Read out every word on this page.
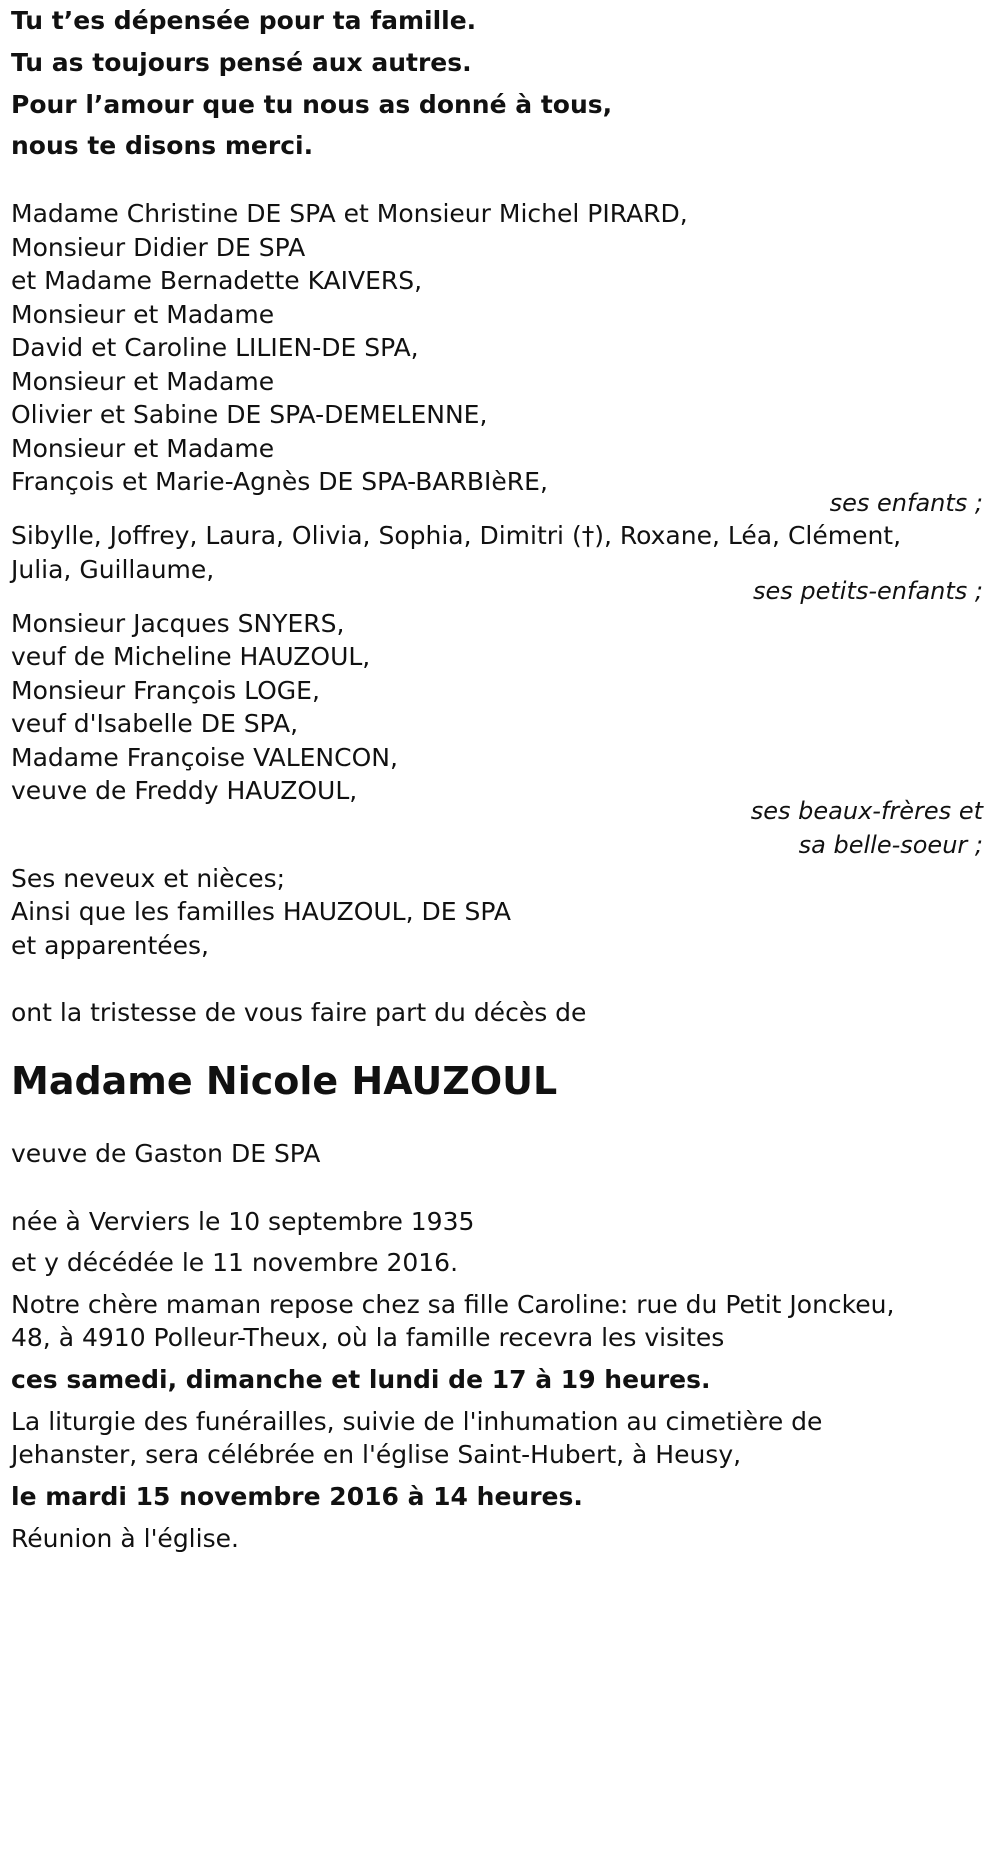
Tu t’es dépensée pour ta famille.
Tu as toujours pensé aux autres.
Pour l’amour que tu nous as donné à tous,
nous te disons merci.
Madame Christine DE SPA et Monsieur Michel PIRARD,
Monsieur Didier DE SPA
et Madame Bernadette KAIVERS,
Monsieur et Madame
David et Caroline LILIEN-DE SPA,
Monsieur et Madame
Olivier et Sabine DE SPA-DEMELENNE,
Monsieur et Madame
François et Marie-Agnès DE SPA-BARBIèRE,
ses enfants ;
Sibylle, Joffrey, Laura, Olivia, Sophia, Dimitri (†), Roxane, Léa, Clément,
Julia, Guillaume,
ses petits-enfants ;
Monsieur Jacques SNYERS,
veuf de Micheline HAUZOUL,
Monsieur François LOGE,
veuf d'Isabelle DE SPA,
Madame Françoise VALENCON,
veuve de Freddy HAUZOUL,
ses beaux-frères et
sa belle-soeur ;
Ses neveux et nièces;
Ainsi que les familles HAUZOUL, DE SPA
et apparentées,
ont la tristesse de vous faire part du décès de
Madame Nicole HAUZOUL
veuve de Gaston DE SPA
née à Verviers le 10 septembre 1935
et y décédée le 11 novembre 2016.
Notre chère maman repose chez sa fille Caroline: rue du Petit Jonckeu,
48, à 4910 Polleur-Theux, où la famille recevra les visites
ces samedi, dimanche et lundi de 17 à 19 heures.
La liturgie des funérailles, suivie de l'inhumation au cimetière de
Jehanster, sera célébrée en l'église Saint-Hubert, à Heusy,
le mardi 15 novembre 2016 à 14 heures.
Réunion à l'église.
